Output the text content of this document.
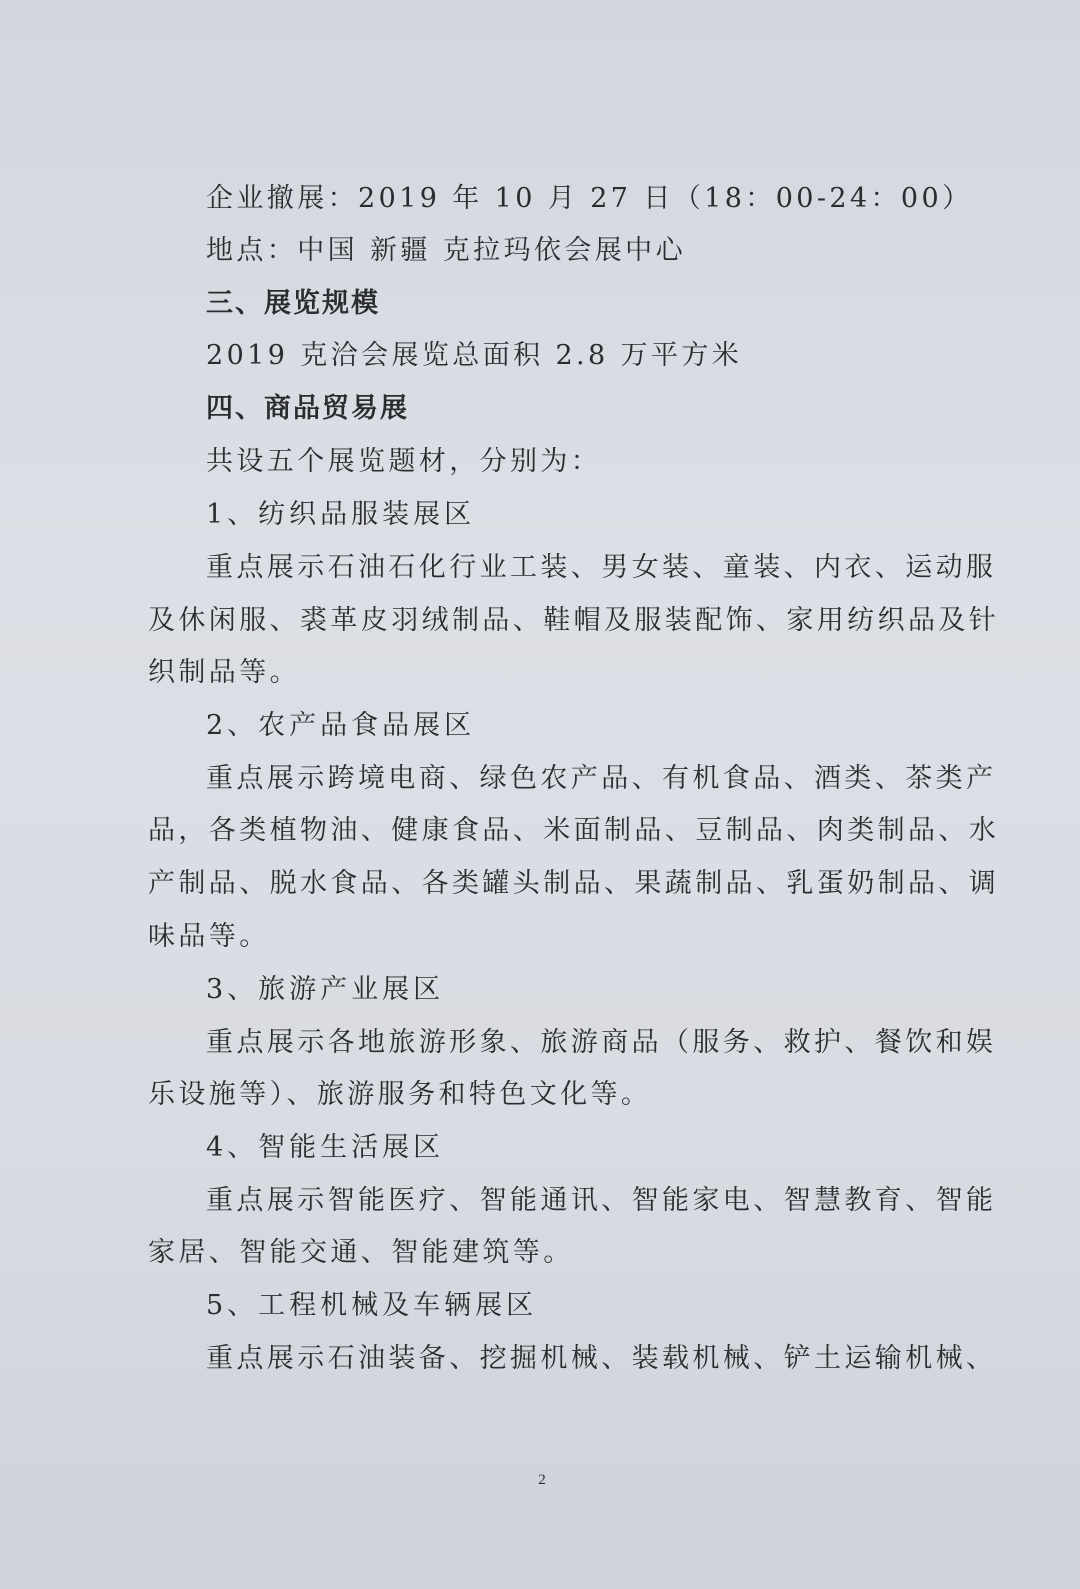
企业撤展：2019 年 10 月 27 日（18：00-24：00）
地点：中国 新疆 克拉玛依会展中心
三、展览规模
2019 克洽会展览总面积 2.8 万平方米
四、商品贸易展
共设五个展览题材，分别为：
1、纺织品服装展区
重点展示石油石化行业工装、男女装、童装、内衣、运动服
及休闲服、裘革皮羽绒制品、鞋帽及服装配饰、家用纺织品及针
织制品等。
2、农产品食品展区
重点展示跨境电商、绿色农产品、有机食品、酒类、茶类产
品，各类植物油、健康食品、米面制品、豆制品、肉类制品、水
产制品、脱水食品、各类罐头制品、果蔬制品、乳蛋奶制品、调
味品等。
3、旅游产业展区
重点展示各地旅游形象、旅游商品（服务、救护、餐饮和娱
乐设施等）、旅游服务和特色文化等。
4、智能生活展区
重点展示智能医疗、智能通讯、智能家电、智慧教育、智能
家居、智能交通、智能建筑等。
5、工程机械及车辆展区
重点展示石油装备、挖掘机械、装载机械、铲土运输机械、
2
